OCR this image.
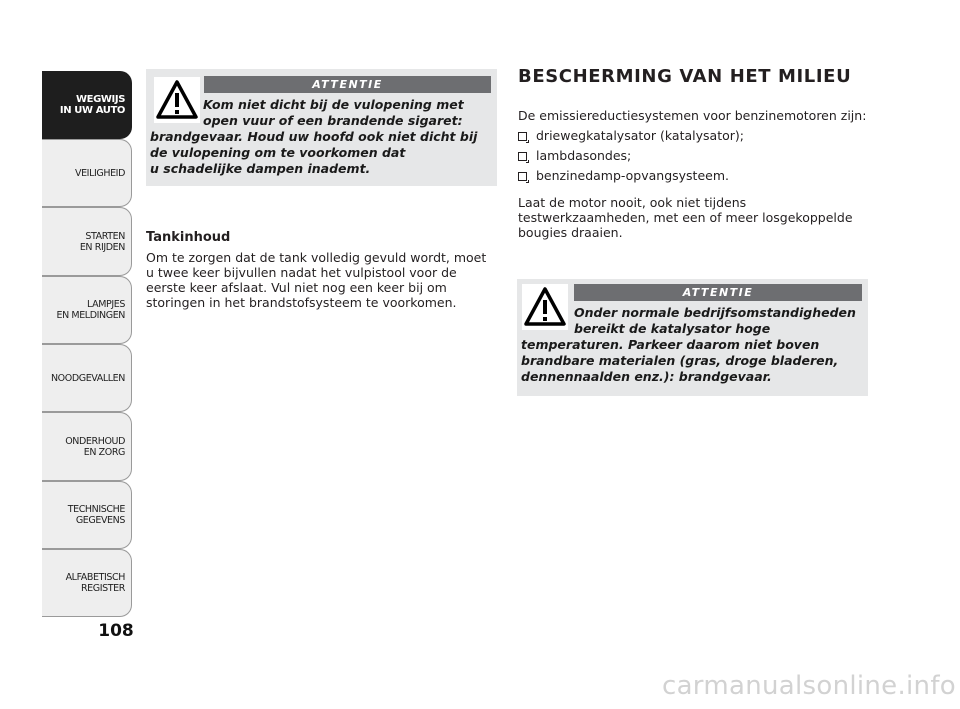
WEGWIJS
IN UW AUTO
VEILIGHEID
STARTEN
EN RIJDEN
LAMPJES
EN MELDINGEN
NOODGEVALLEN
ONDERHOUD
EN ZORG
TECHNISCHE
GEGEVENS
ALFABETISCH
REGISTER
108
ATTENTIE

Kom niet dicht bij de vulopening met
open vuur of een brandende sigaret:
brandgevaar. Houd uw hoofd ook niet dicht bij
de vulopening om te voorkomen dat
u schadelijke dampen inademt.

Tankinhoud

Om te zorgen dat de tank volledig gevuld wordt, moet
u twee keer bijvullen nadat het vulpistool voor de
eerste keer afslaat. Vul niet nog een keer bij om
storingen in het brandstofsysteem te voorkomen.

BESCHERMING VAN HET MILIEU

De emissiereductiesystemen voor benzinemotoren zijn:

driewegkatalysator (katalysator);
lambdasondes;
benzinedamp-opvangsysteem.

Laat de motor nooit, ook niet tijdens
testwerkzaamheden, met een of meer losgekoppelde
bougies draaien.

ATTENTIE

Onder normale bedrijfsomstandigheden
bereikt de katalysator hoge
temperaturen. Parkeer daarom niet boven
brandbare materialen (gras, droge bladeren,
dennennaalden enz.): brandgevaar.

carmanualsonline.info
